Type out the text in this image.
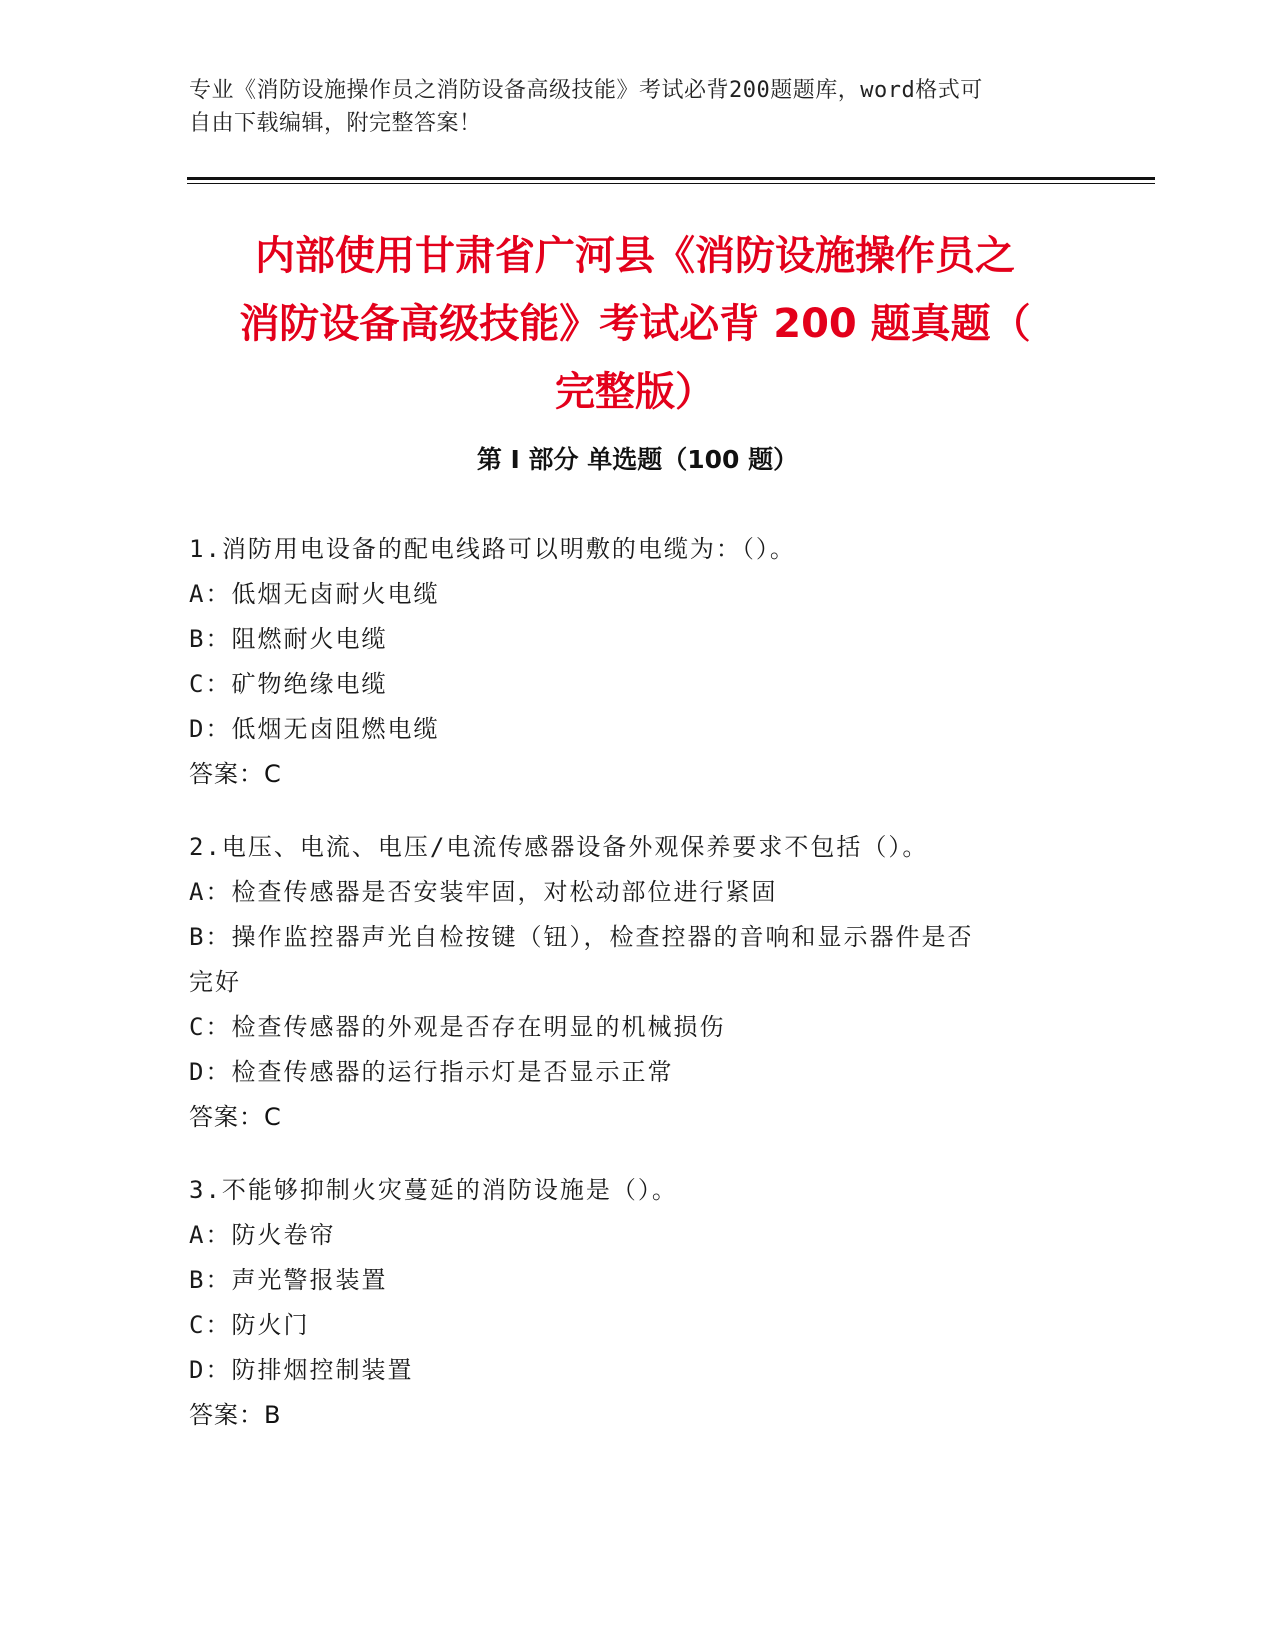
专业《消防设施操作员之消防设备高级技能》考试必背200题题库，word格式可
自由下载编辑，附完整答案！
内部使用甘肃省广河县《消防设施操作员之
消防设备高级技能》考试必背 200 题真题（
完整版）
第 I 部分 单选题（100 题）
1.消防用电设备的配电线路可以明敷的电缆为：（）。
A：低烟无卤耐火电缆
B：阻燃耐火电缆
C：矿物绝缘电缆
D：低烟无卤阻燃电缆
答案：C
2.电压、电流、电压/电流传感器设备外观保养要求不包括（）。
A：检查传感器是否安装牢固，对松动部位进行紧固
B：操作监控器声光自检按键（钮），检查控器的音响和显示器件是否
完好
C：检查传感器的外观是否存在明显的机械损伤
D：检查传感器的运行指示灯是否显示正常
答案：C
3.不能够抑制火灾蔓延的消防设施是（）。
A：防火卷帘
B：声光警报装置
C：防火门
D：防排烟控制装置
答案：B
